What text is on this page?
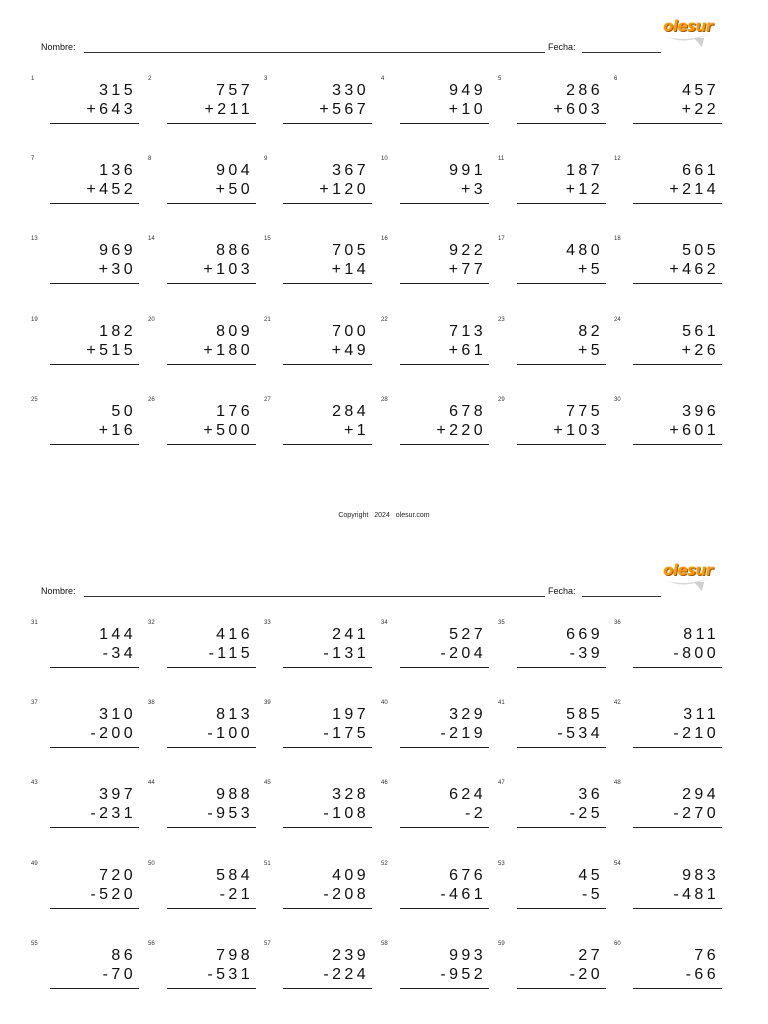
olesur
Nombre:	Fecha:
1
315
+643
2
757
+211
3
330
+567
4
949
+10
5
286
+603
6
457
+22
7
136
+452
8
904
+50
9
367
+120
10
991
+3
11
187
+12
12
661
+214
13
969
+30
14
886
+103
15
705
+14
16
922
+77
17
480
+5
18
505
+462
19
182
+515
20
809
+180
21
700
+49
22
713
+61
23
82
+5
24
561
+26
25
50
+16
26
176
+500
27
284
+1
28
678
+220
29
775
+103
30
396
+601
Copyright 2024 olesur.com
olesur
Nombre:	Fecha:
31
144
-34
32
416
-115
33
241
-131
34
527
-204
35
669
-39
36
811
-800
37
310
-200
38
813
-100
39
197
-175
40
329
-219
41
585
-534
42
311
-210
43
397
-231
44
988
-953
45
328
-108
46
624
-2
47
36
-25
48
294
-270
49
720
-520
50
584
-21
51
409
-208
52
676
-461
53
45
-5
54
983
-481
55
86
-70
56
798
-531
57
239
-224
58
993
-952
59
27
-20
60
76
-66
